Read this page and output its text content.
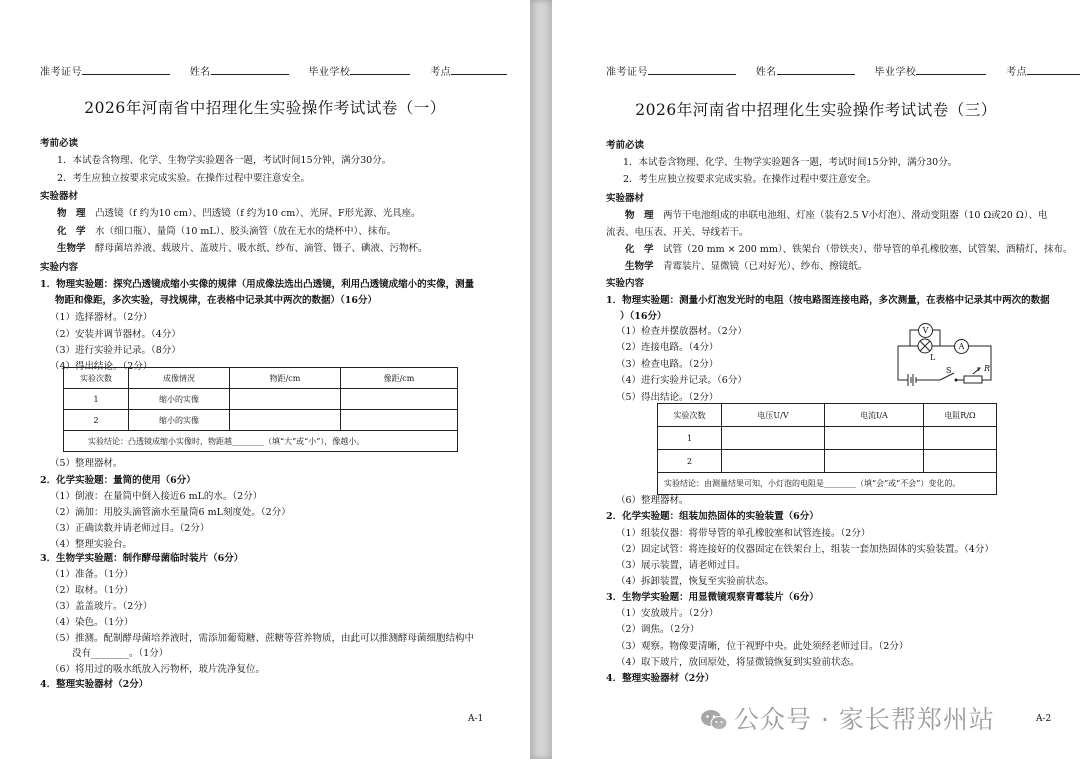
准考证号	姓名	毕业学校	考点
2026年河南省中招理化生实验操作考试试卷（一）
考前必读
1．本试卷含物理、化学、生物学实验题各一题，考试时间15分钟，满分30分。
2．考生应独立按要求完成实验。在操作过程中要注意安全。
实验器材
物　理　 凸透镜（f 约为10 cm）、凹透镜（f 约为10 cm）、光屏、F形光源、光具座。
化　学　 水（细口瓶）、量筒（10 mL）、胶头滴管（放在无水的烧杯中）、抹布。
生物学　 酵母菌培养液、载玻片、盖玻片、吸水纸、纱布、滴管、镊子、碘液、污物杯。
实验内容
1．物理实验题：探究凸透镜成缩小实像的规律（用成像法选出凸透镜，利用凸透镜成缩小的实像，测量
物距和像距，多次实验，寻找规律，在表格中记录其中两次的数据）（16分）
（1）选择器材。（2分）
（2）安装并调节器材。（4分）
（3）进行实验并记录。（8分）
（4）得出结论。（2分）
实验次数	成像情况	物距/cm	像距/cm
1	缩小的实像		
2	缩小的实像		
实验结论：凸透镜成缩小实像时，物距越________（填“大”或“小”），像越小。			
（5）整理器材。
2．化学实验题：量筒的使用（6分）
（1）倒液：在量筒中倒入接近6 mL的水。（2分）
（2）滴加：用胶头滴管滴水至量筒6 mL刻度处。（2分）
（3）正确读数并请老师过目。（2分）
（4）整理实验台。
3．生物学实验题：制作酵母菌临时装片（6分）
（1）准备。（1分）
（2）取材。（1分）
（3）盖盖玻片。（2分）
（4）染色。（1分）
（5）推测。配制酵母菌培养液时，需添加葡萄糖、蔗糖等营养物质，由此可以推测酵母菌细胞结构中
没有________。（1分）
（6）将用过的吸水纸放入污物杯，玻片洗净复位。
4．整理实验器材（2分）
A-1
准考证号	姓名	毕业学校	考点
2026年河南省中招理化生实验操作考试试卷（三）
考前必读
1．本试卷含物理、化学、生物学实验题各一题，考试时间15分钟，满分30分。
2．考生应独立按要求完成实验。在操作过程中要注意安全。
实验器材
物　理　 两节干电池组成的串联电池组、灯座（装有2.5 V小灯泡）、滑动变阻器（10 Ω或20 Ω）、电
流表、电压表、开关、导线若干。
化　学　 试管（20 mm × 200 mm）、铁架台（带铁夹）、带导管的单孔橡胶塞、试管架、酒精灯、抹布。
生物学　 青霉装片、显微镜（已对好光）、纱布、擦镜纸。
实验内容
1．物理实验题：测量小灯泡发光时的电阻（按电路图连接电路，多次测量，在表格中记录其中两次的数据
）（16分）
（1）检查并摆放器材。（2分）
（2）连接电路。（4分）
（3）检查电路。（2分）
（4）进行实验并记录。（6分）
（5）得出结论。（2分）
V
A
L
S	R
实验次数	电压U/V	电流I/A	电阻R/Ω
1			
2			
实验结论：由测量结果可知，小灯泡的电阻是________（填“会”或“不会”）变化的。			
（6）整理器材。
2．化学实验题：组装加热固体的实验装置（6分）
（1）组装仪器：将带导管的单孔橡胶塞和试管连接。（2分）
（2）固定试管：将连接好的仪器固定在铁架台上，组装一套加热固体的实验装置。（4分）
（3）展示装置，请老师过目。
（4）拆卸装置，恢复至实验前状态。
3．生物学实验题：用显微镜观察青霉装片（6分）
（1）安放玻片。（2分）
（2）调焦。（2分）
（3）观察。物像要清晰，位于视野中央。此处须经老师过目。（2分）
（4）取下玻片，放回原处，将显微镜恢复到实验前状态。
4．整理实验器材（2分）
A-2
公众号 · 家长帮郑州站
